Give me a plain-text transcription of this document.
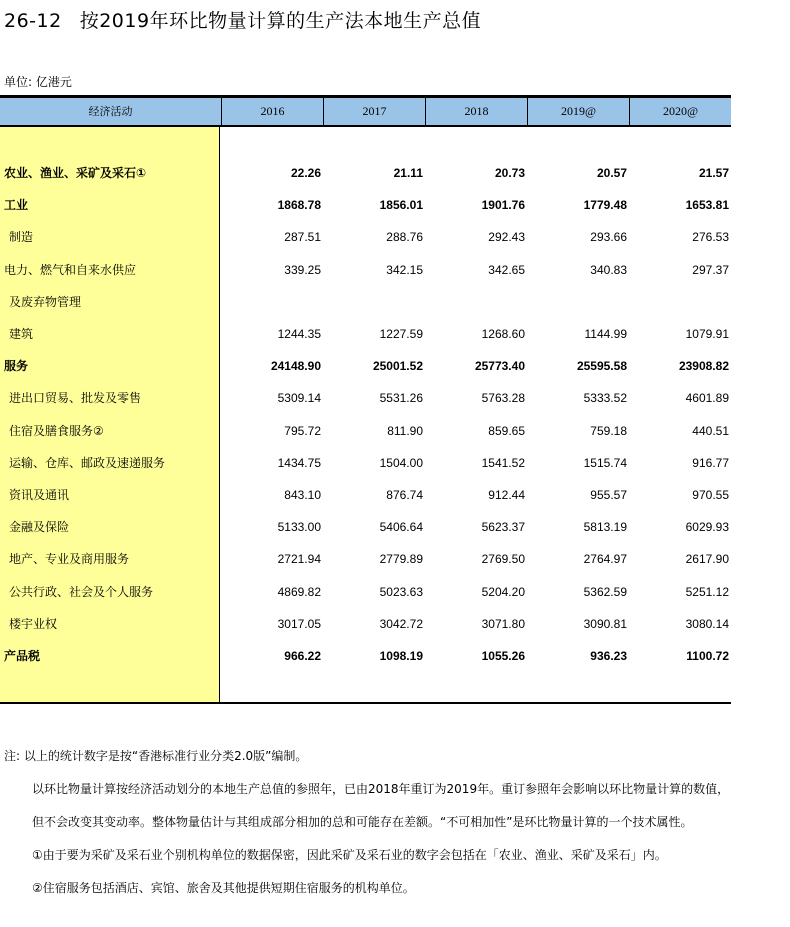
26-12 按2019年环比物量计算的生产法本地生产总值
单位: 亿港元
经济活动	2016	2017	2018	2019@	2020@
农业、渔业、采矿及采石①	22.26	21.11	20.73	20.57	21.57
工业	1868.78	1856.01	1901.76	1779.48	1653.81
制造	287.51	288.76	292.43	293.66	276.53
电力、燃气和自来水供应	339.25	342.15	342.65	340.83	297.37
及废弃物管理
建筑	1244.35	1227.59	1268.60	1144.99	1079.91
服务	24148.90	25001.52	25773.40	25595.58	23908.82
进出口贸易、批发及零售	5309.14	5531.26	5763.28	5333.52	4601.89
住宿及膳食服务②	795.72	811.90	859.65	759.18	440.51
运输、仓库、邮政及速递服务	1434.75	1504.00	1541.52	1515.74	916.77
资讯及通讯	843.10	876.74	912.44	955.57	970.55
金融及保险	5133.00	5406.64	5623.37	5813.19	6029.93
地产、专业及商用服务	2721.94	2779.89	2769.50	2764.97	2617.90
公共行政、社会及个人服务	4869.82	5023.63	5204.20	5362.59	5251.12
楼宇业权	3017.05	3042.72	3071.80	3090.81	3080.14
产品税	966.22	1098.19	1055.26	936.23	1100.72
注: 以上的统计数字是按“香港标准行业分类2.0版”编制。
以环比物量计算按经济活动划分的本地生产总值的参照年，已由2018年重订为2019年。重订参照年会影响以环比物量计算的数值，
但不会改变其变动率。整体物量估计与其组成部分相加的总和可能存在差额。“不可相加性”是环比物量计算的一个技术属性。
①由于要为采矿及采石业个别机构单位的数据保密，因此采矿及采石业的数字会包括在「农业、渔业、采矿及采石」内。
②住宿服务包括酒店、宾馆、旅舍及其他提供短期住宿服务的机构单位。
